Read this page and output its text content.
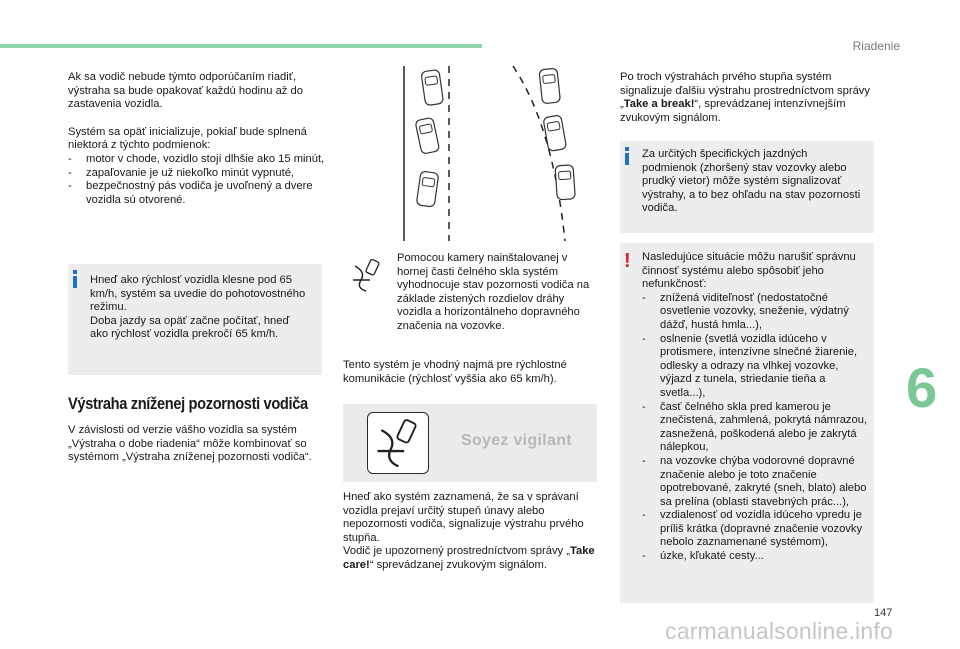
Riadenie
6
147
carmanualsonline.info

Ak sa vodič nebude týmto odporúčaním riadiť, výstraha sa bude opakovať každú hodinu až do zastavenia vozidla.

Systém sa opäť inicializuje, pokiaľ bude splnená niektorá z týchto podmienok:

- motor v chode, vozidlo stojí dlhšie ako 15 minút,
- zapaľovanie je už niekoľko minút vypnuté,
- bezpečnostný pás vodiča je uvoľnený a dvere vozidla sú otvorené.
Hneď ako rýchlosť vozidla klesne pod 65 km/h, systém sa uvedie do pohotovostného režimu.
Doba jazdy sa opäť začne počítať, hneď ako rýchlosť vozidla prekročí 65 km/h.
Výstraha zníženej pozornosti vodiča
V závislosti od verzie vášho vozidla sa systém „Výstraha o dobe riadenia“ môže kombinovať so systémom „Výstraha zníženej pozornosti vodiča“.
Pomocou kamery nainštalovanej v hornej časti čelného skla systém vyhodnocuje stav pozornosti vodiča na základe zistených rozdielov dráhy vozidla a horizontálneho dopravného značenia na vozovke.
Tento systém je vhodný najmä pre rýchlostné komunikácie (rýchlosť vyššia ako 65 km/h).
Soyez vigilant
Hneď ako systém zaznamená, že sa v správaní vozidla prejaví určitý stupeň únavy alebo nepozornosti vodiča, signalizuje výstrahu prvého stupňa.
Vodič je upozornený prostredníctvom správy „Take care!“ sprevádzanej zvukovým signálom.
Po troch výstrahách prvého stupňa systém signalizuje ďalšiu výstrahu prostredníctvom správy „Take a break!“, sprevádzanej intenzívnejším zvukovým signálom.
Za určitých špecifických jazdných podmienok (zhoršený stav vozovky alebo prudký vietor) môže systém signalizovať výstrahy, a to bez ohľadu na stav pozornosti vodiča.
! Nasledujúce situácie môžu narušiť správnu činnosť systému alebo spôsobiť jeho nefunkčnosť:
- znížená viditeľnosť (nedostatočné osvetlenie vozovky, sneženie, výdatný dážď, hustá hmla...),
- oslnenie (svetlá vozidla idúceho v protismere, intenzívne slnečné žiarenie, odlesky a odrazy na vlhkej vozovke, výjazd z tunela, striedanie tieňa a svetla...),
- časť čelného skla pred kamerou je znečistená, zahmlená, pokrytá námrazou, zasnežená, poškodená alebo je zakrytá nálepkou,
- na vozovke chýba vodorovné dopravné značenie alebo je toto značenie opotrebované, zakryté (sneh, blato) alebo sa prelína (oblasti stavebných prác...),
- vzdialenosť od vozidla idúceho vpredu je príliš krátka (dopravné značenie vozovky nebolo zaznamenané systémom),
- úzke, kľukaté cesty...
